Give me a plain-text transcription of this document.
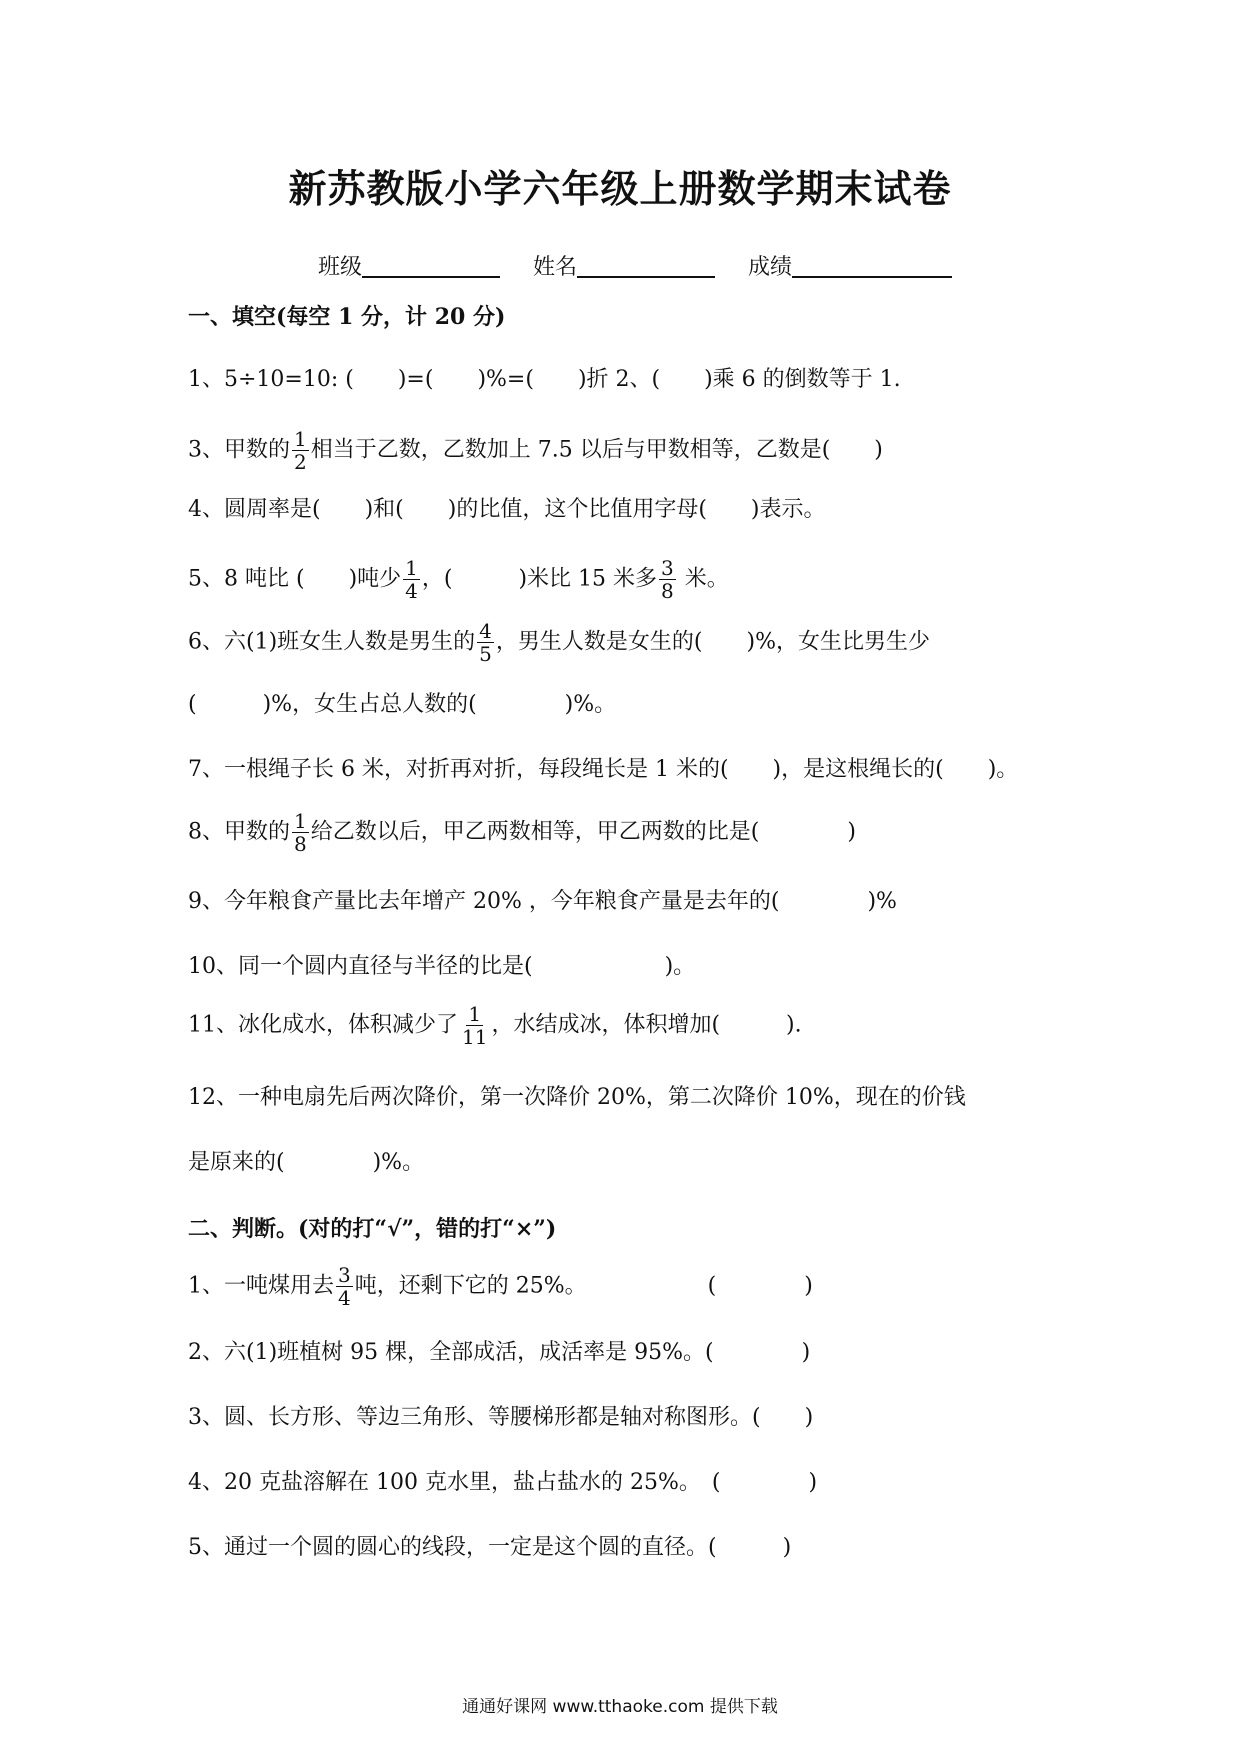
新苏教版小学六年级上册数学期末试卷
班级	姓名	成绩
一、填空(每空 1 分，计 20 分)
1、5÷10=10: (　　)=(　　)%=(　　)折 2、(　　)乘 6 的倒数等于 1.
3、甲数的 $\frac{1}{2}$ 相当于乙数，乙数加上 7.5 以后与甲数相等，乙数是(　　)
4、圆周率是(　　)和(　　)的比值，这个比值用字母(　　)表示。
5、8 吨比 (　　)吨少 $\frac{1}{4}$ ，(　　　)米比 15 米多 $\frac{3}{8}$ 米。
6、六(1)班女生人数是男生的 $\frac{4}{5}$ ，男生人数是女生的(　　)%，女生比男生少
(　　　)%，女生占总人数的(　　　　)%。
7、一根绳子长 6 米，对折再对折，每段绳长是 1 米的(　　)，是这根绳长的(　　)。
8、甲数的 $\frac{1}{8}$ 给乙数以后，甲乙两数相等，甲乙两数的比是(　　　　)
9、今年粮食产量比去年增产 20% ，今年粮食产量是去年的(　　　　)%
10、同一个圆内直径与半径的比是(　　　　　　)。
11、冰化成水，体积减少了 $\frac{1}{11}$ ，水结成冰，体积增加(　　　).
12、一种电扇先后两次降价，第一次降价 20%，第二次降价 10%，现在的价钱
是原来的(　　　　)%。
二、判断。(对的打“√”，错的打“×”)
1、一吨煤用去 $\frac{3}{4}$ 吨，还剩下它的 25%。　　　　　　(　　　　)
2、六(1)班植树 95 棵，全部成活，成活率是 95%。(　　　　)
3、圆、长方形、等边三角形、等腰梯形都是轴对称图形。(　　)
4、20 克盐溶解在 100 克水里，盐占盐水的 25%。　(　　　　)
5、通过一个圆的圆心的线段，一定是这个圆的直径。(　　　)
通通好课网 www.tthaoke.com 提供下载
